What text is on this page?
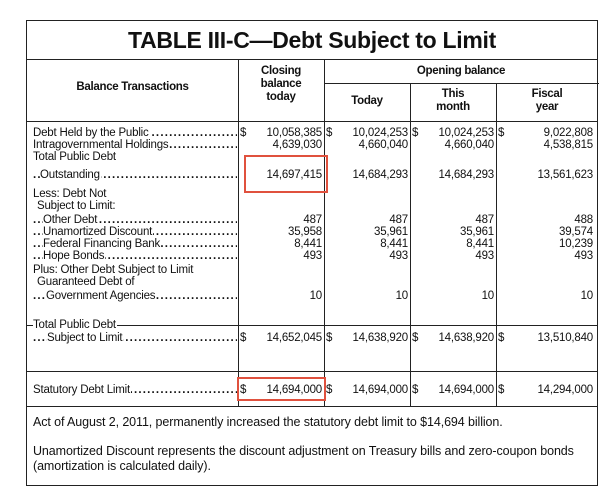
TABLE III-C—Debt Subject to Limit
Balance Transactions
Closing
balance
today
Opening balance
Today
This
month
Fiscal
year
Debt Held by the Public . . .	$	10,058,385 $	10,024,253 $	10,024,253 $	9,022,808
Intragovernmental Holdings . . .	4,639,030	4,660,040	4,660,040	4,538,815
Total Public Debt
Outstanding . . .	14,697,415	14,684,293	14,684,293	13,561,623
Less: Debt Not
Subject to Limit:
Other Debt . . .	487	487	487	488
Unamortized Discount . . .	35,958	35,961	35,961	39,574
Federal Financing Bank . . .	8,441	8,441	8,441	10,239
Hope Bonds . . .	493	493	493	493
Plus: Other Debt Subject to Limit
Guaranteed Debt of
Government Agencies . . .	10	10	10	10
Total Public Debt
Subject to Limit . . .	$	14,652,045 $	14,638,920 $	14,638,920 $	13,510,840
Statutory Debt Limit . . .	$	14,694,000 $	14,694,000 $	14,694,000 $	14,294,000
Act of August 2, 2011, permanently increased the statutory debt limit to $14,694 billion.
Unamortized Discount represents the discount adjustment on Treasury bills and zero-coupon bonds (amortization is calculated daily).
